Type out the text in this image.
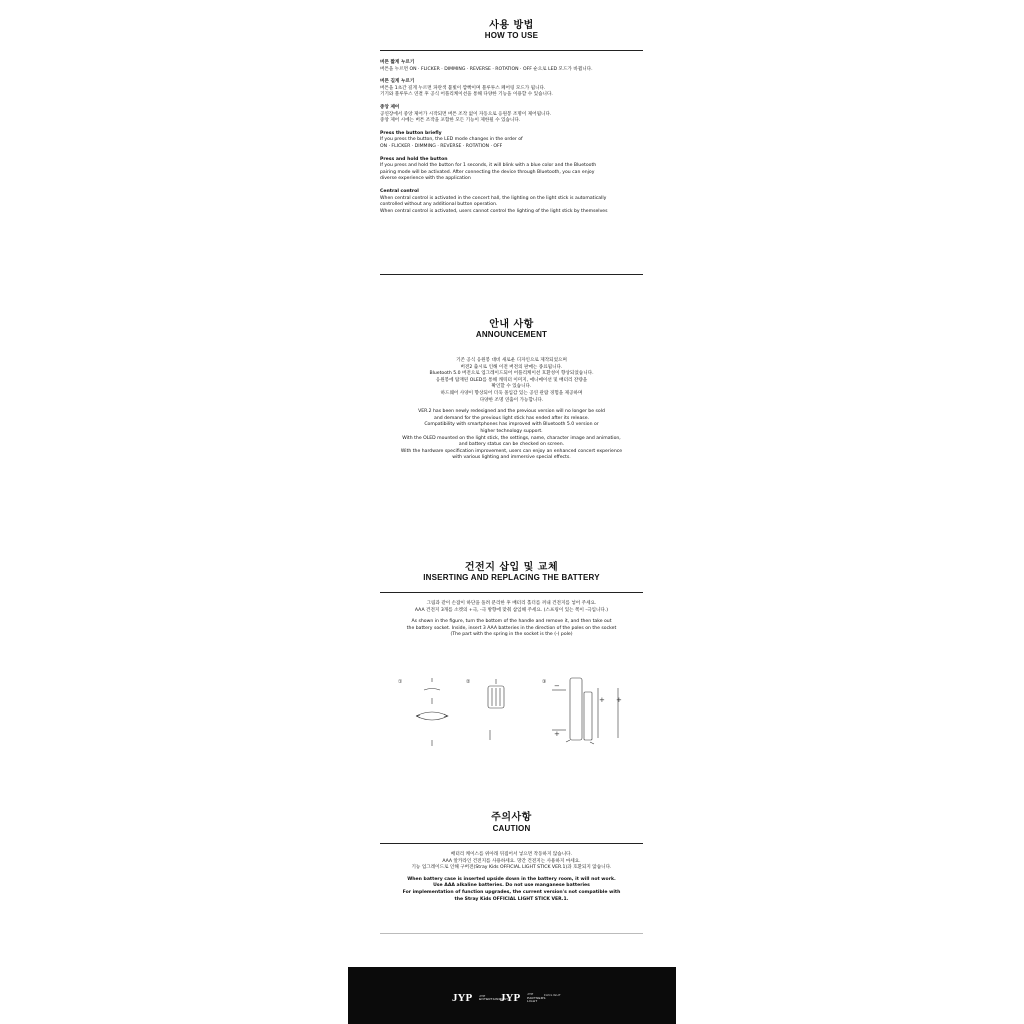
사용 방법
HOW TO USE
버튼 짧게 누르기
버튼을 누르면 ON · FLICKER · DIMMING · REVERSE · ROTATION · OFF 순으로 LED 모드가 바뀝니다.
버튼 길게 누르기
버튼을 1초간 길게 누르면 파란색 불빛이 깜빡이며 블루투스 페어링 모드가 됩니다.
기기와 블루투스 연결 후 공식 어플리케이션을 통해 다양한 기능을 이용할 수 있습니다.
중앙 제어
공연장에서 중앙 제어가 시작되면 버튼 조작 없이 자동으로 응원봉 조명이 제어됩니다.
중앙 제어 시에는 버튼 조작을 포함한 모든 기능이 제한될 수 있습니다.
Press the button briefly
If you press the button, the LED mode changes in the order of
ON · FLICKER · DIMMING · REVERSE · ROTATION · OFF
Press and hold the button
If you press and hold the button for 1 seconds, it will blink with a blue color and the Bluetooth
pairing mode will be activated. After connecting the device through Bluetooth, you can enjoy
diverse experience with the application
Central control
When central control is activated in the concert hall, the lighting on the light stick is automatically
controlled without any additional button operation.
When central control is activated, users cannot control the lighting of the light stick by themselves
안내 사항
ANNOUNCEMENT
기존 공식 응원봉 대비 새로운 디자인으로 제작되었으며
버전2 출시로 인해 이전 버전의 판매는 종료됩니다.
Bluetooth 5.0 버전으로 업그레이드되어 어플리케이션 호환성이 향상되었습니다.
응원봉에 탑재된 OLED를 통해 캐릭터 이미지, 애니메이션 및 배터리 잔량을
확인할 수 있습니다.
하드웨어 사양이 향상되어 더욱 몰입감 있는 공연 관람 경험을 제공하며
다양한 조명 연출이 가능합니다.
VER.2 has been newly redesigned and the previous version will no longer be sold
and demand for the previous light stick has ended after its release.
Compatibility with smartphones has improved with Bluetooth 5.0 version or
higher technology support.
With the OLED mounted on the light stick, the settings, name, character image and animation,
and battery status can be checked on screen.
With the hardware specification improvement, users can enjoy an enhanced concert experience
with various lighting and immersive special effects.
건전지 삽입 및 교체
INSERTING AND REPLACING THE BATTERY
그림과 같이 손잡이 하단을 돌려 분리한 후 배터리 홀더를 꺼내 건전지를 넣어 주세요.
AAA 건전지 3개를 소켓의 +극, -극 방향에 맞춰 삽입해 주세요. (스프링이 있는 쪽이 -극입니다.)
As shown in the figure, turn the bottom of the handle and remove it, and then take out
the battery socket. Inside, insert 3 AAA batteries in the direction of the poles on the socket
(The part with the spring in the socket is the (-) pole)
①	②	③ −
+
+ +
주의사항
CAUTION
배터리 케이스를 위아래 뒤집어서 넣으면 작동하지 않습니다.
AAA 알카라인 건전지를 사용하세요. 망간 건전지는 사용하지 마세요.
기능 업그레이드로 인해 구버전(Stray Kids OFFICIAL LIGHT STICK VER.1)과 호환되지 않습니다.
When battery case is inserted upside down in the battery room, it will not work.
Use AAA alkaline batteries. Do not use manganese batteries
For implementation of function upgrades, the current version's not compatible with
the Stray Kids OFFICIAL LIGHT STICK VER.1.
JYP JYP
ENTERTAINMENT
JYP JYP
PARTNERS
LIGHT
FANLIGHT
